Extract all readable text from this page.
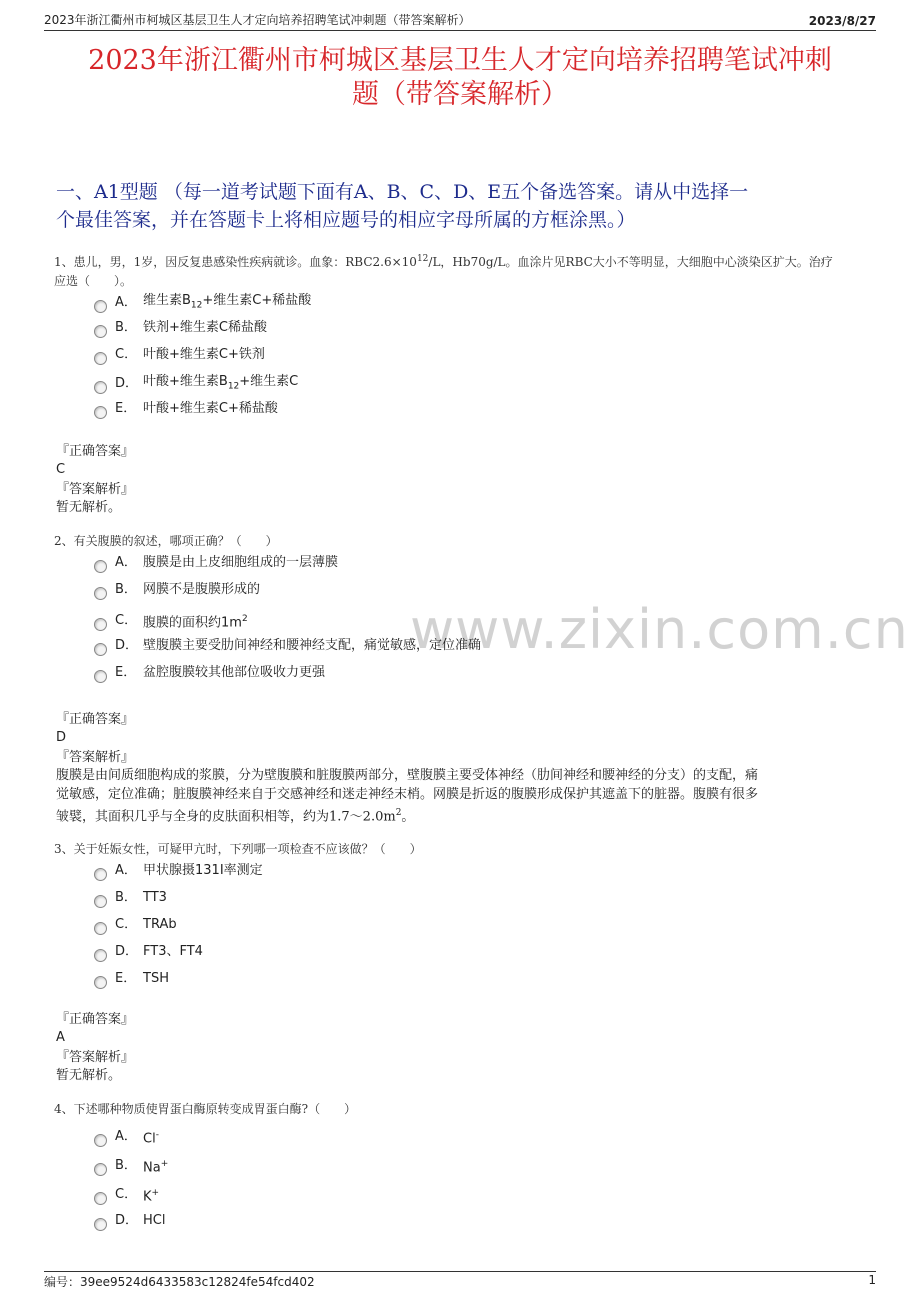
2023年浙江衢州市柯城区基层卫生人才定向培养招聘笔试冲刺题（带答案解析）	2023/8/27
2023年浙江衢州市柯城区基层卫生人才定向培养招聘笔试冲刺
题（带答案解析）
一、A1型题 （每一道考试题下面有A、B、C、D、E五个备选答案。请从中选择一
个最佳答案，并在答题卡上将相应题号的相应字母所属的方框涂黑。）
www.zixin.com.cn
1、患儿，男，1岁，因反复患感染性疾病就诊。血象：$RBC2.6\times 10^{12}/L$，Hb70g/L。血涂片见RBC大小不等明显，大细胞中心淡染区扩大。治疗
应选（　　）。
A． 维生素$B_{12}+$维生素C+稀盐酸
B． 铁剂+维生素C稀盐酸
C． 叶酸+维生素C+铁剂
D． 叶酸+维生素$B_{12}+$维生素C
E． 叶酸+维生素C+稀盐酸
『正确答案』
C
『答案解析』
暂无解析。
2、有关腹膜的叙述，哪项正确？（　　）
A． 腹膜是由上皮细胞组成的一层薄膜
B． 网膜不是腹膜形成的
C． 腹膜的面积约$1m^2$
D． 壁腹膜主要受肋间神经和腰神经支配，痛觉敏感，定位准确
E． 盆腔腹膜较其他部位吸收力更强
『正确答案』
D
『答案解析』
腹膜是由间质细胞构成的浆膜，分为壁腹膜和脏腹膜两部分，壁腹膜主要受体神经（肋间神经和腰神经的分支）的支配，痛
觉敏感，定位准确；脏腹膜神经来自于交感神经和迷走神经末梢。网膜是折返的腹膜形成保护其遮盖下的脏器。腹膜有很多
皱襞，其面积几乎与全身的皮肤面积相等，约为$1.7\sim 2.0m^2$。
3、关于妊娠女性，可疑甲亢时，下列哪一项检查不应该做？（　　）
A． 甲状腺摄131I率测定
B． TT3
C． TRAb
D． FT3、FT4
E． TSH
『正确答案』
A
『答案解析』
暂无解析。
4、下述哪种物质使胃蛋白酶原转变成胃蛋白酶?（　　）
A． Cl-
B． Na+
C． K+
D． HCl
编号：39ee9524d6433583c12824fe54fcd402	1
